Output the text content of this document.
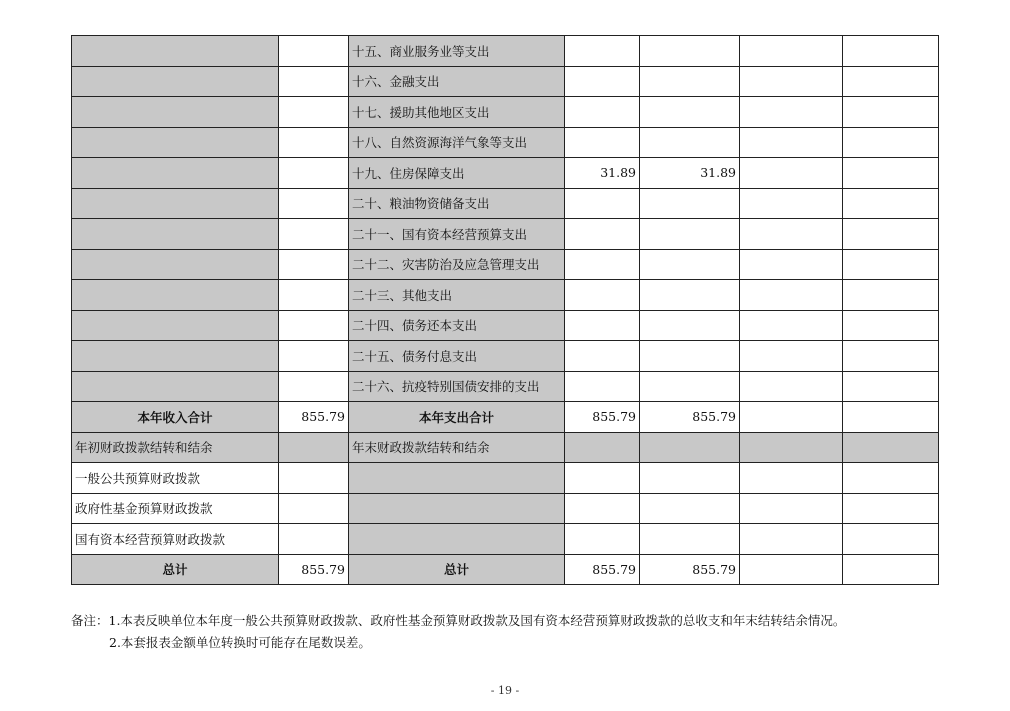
		十五、商业服务业等支出				
		十六、金融支出				
		十七、援助其他地区支出				
		十八、自然资源海洋气象等支出				
		十九、住房保障支出	31.89	31.89		
		二十、粮油物资储备支出				
		二十一、国有资本经营预算支出				
		二十二、灾害防治及应急管理支出				
		二十三、其他支出				
		二十四、债务还本支出				
		二十五、债务付息支出				
		二十六、抗疫特别国债安排的支出				
本年收入合计	855.79	本年支出合计	855.79	855.79		
年初财政拨款结转和结余		年末财政拨款结转和结余				
一般公共预算财政拨款						
政府性基金预算财政拨款						
国有资本经营预算财政拨款						
总计	855.79	总计	855.79	855.79		
备注：1.本表反映单位本年度一般公共预算财政拨款、政府性基金预算财政拨款及国有资本经营预算财政拨款的总收支和年末结转结余情况。
2.本套报表金额单位转换时可能存在尾数误差。
- 19 -
